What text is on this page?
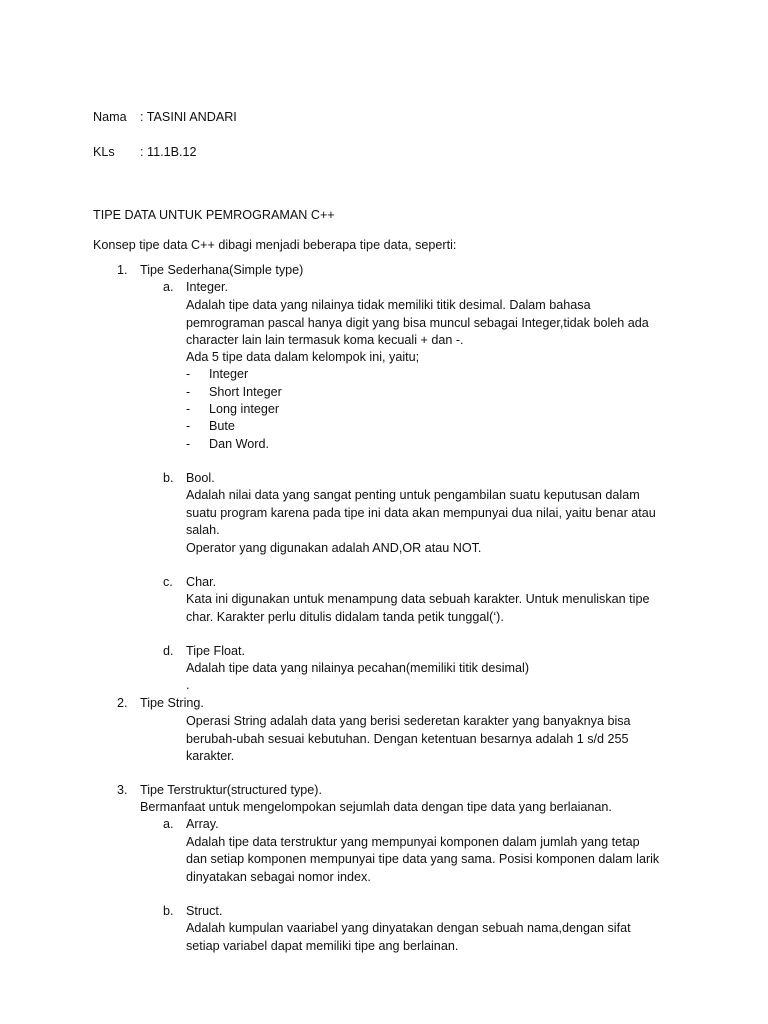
Nama : TASINI ANDARI
KLs : 11.1B.12
TIPE DATA UNTUK PEMROGRAMAN C++
Konsep tipe data C++ dibagi menjadi beberapa tipe data, seperti:
1. Tipe Sederhana(Simple type)
a. Integer.
Adalah tipe data yang nilainya tidak memiliki titik desimal. Dalam bahasa
pemrograman pascal hanya digit yang bisa muncul sebagai Integer,tidak boleh ada
character lain lain termasuk koma kecuali + dan -.
Ada 5 tipe data dalam kelompok ini, yaitu;
- Integer
- Short Integer
- Long integer
- Bute
- Dan Word.
b. Bool.
Adalah nilai data yang sangat penting untuk pengambilan suatu keputusan dalam
suatu program karena pada tipe ini data akan mempunyai dua nilai, yaitu benar atau
salah.
Operator yang digunakan adalah AND,OR atau NOT.
c. Char.
Kata ini digunakan untuk menampung data sebuah karakter. Untuk menuliskan tipe
char. Karakter perlu ditulis didalam tanda petik tunggal(‘).
d. Tipe Float.
Adalah tipe data yang nilainya pecahan(memiliki titik desimal)
.
2. Tipe String.
Operasi String adalah data yang berisi sederetan karakter yang banyaknya bisa
berubah-ubah sesuai kebutuhan. Dengan ketentuan besarnya adalah 1 s/d 255
karakter.
3. Tipe Terstruktur(structured type).
Bermanfaat untuk mengelompokan sejumlah data dengan tipe data yang berlaianan.
a. Array.
Adalah tipe data terstruktur yang mempunyai komponen dalam jumlah yang tetap
dan setiap komponen mempunyai tipe data yang sama. Posisi komponen dalam larik
dinyatakan sebagai nomor index.
b. Struct.
Adalah kumpulan vaariabel yang dinyatakan dengan sebuah nama,dengan sifat
setiap variabel dapat memiliki tipe ang berlainan.
